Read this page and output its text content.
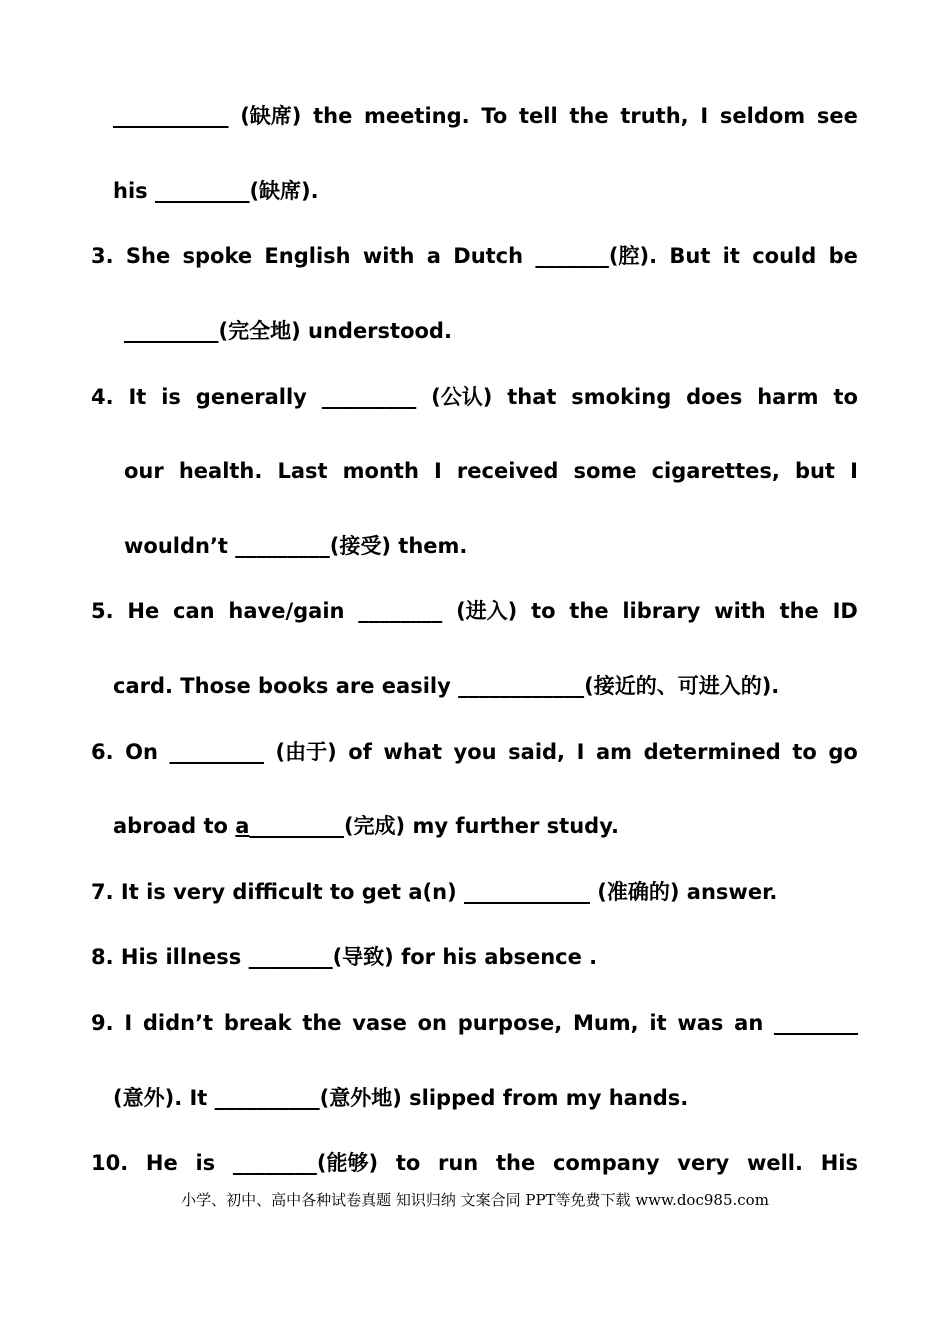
___________ (缺席) the meeting. To tell the truth, I seldom see
his _________(缺席).
3. She spoke English with a Dutch _______(腔). But it could be
_________(完全地) understood.
4. It is generally _________ (公认) that smoking does harm to
our health. Last month I received some cigarettes, but I
wouldn’t _________(接受) them.
5. He can have/gain ________ (进入) to the library with the ID
card. Those books are easily ____________(接近的、可进入的).
6. On _________ (由于) of what you said, I am determined to go
abroad to a_________(完成) my further study.
7. It is very difficult to get a(n) ____________ (准确的) answer.
8. His illness ________(导致) for his absence .
9. I didn’t break the vase on purpose, Mum, it was an ________
(意外). It __________(意外地) slipped from my hands.
10. He is ________(能够) to run the company very well. His
小学、初中、高中各种试卷真题 知识归纳 文案合同 PPT等免费下载 www.doc985.com
